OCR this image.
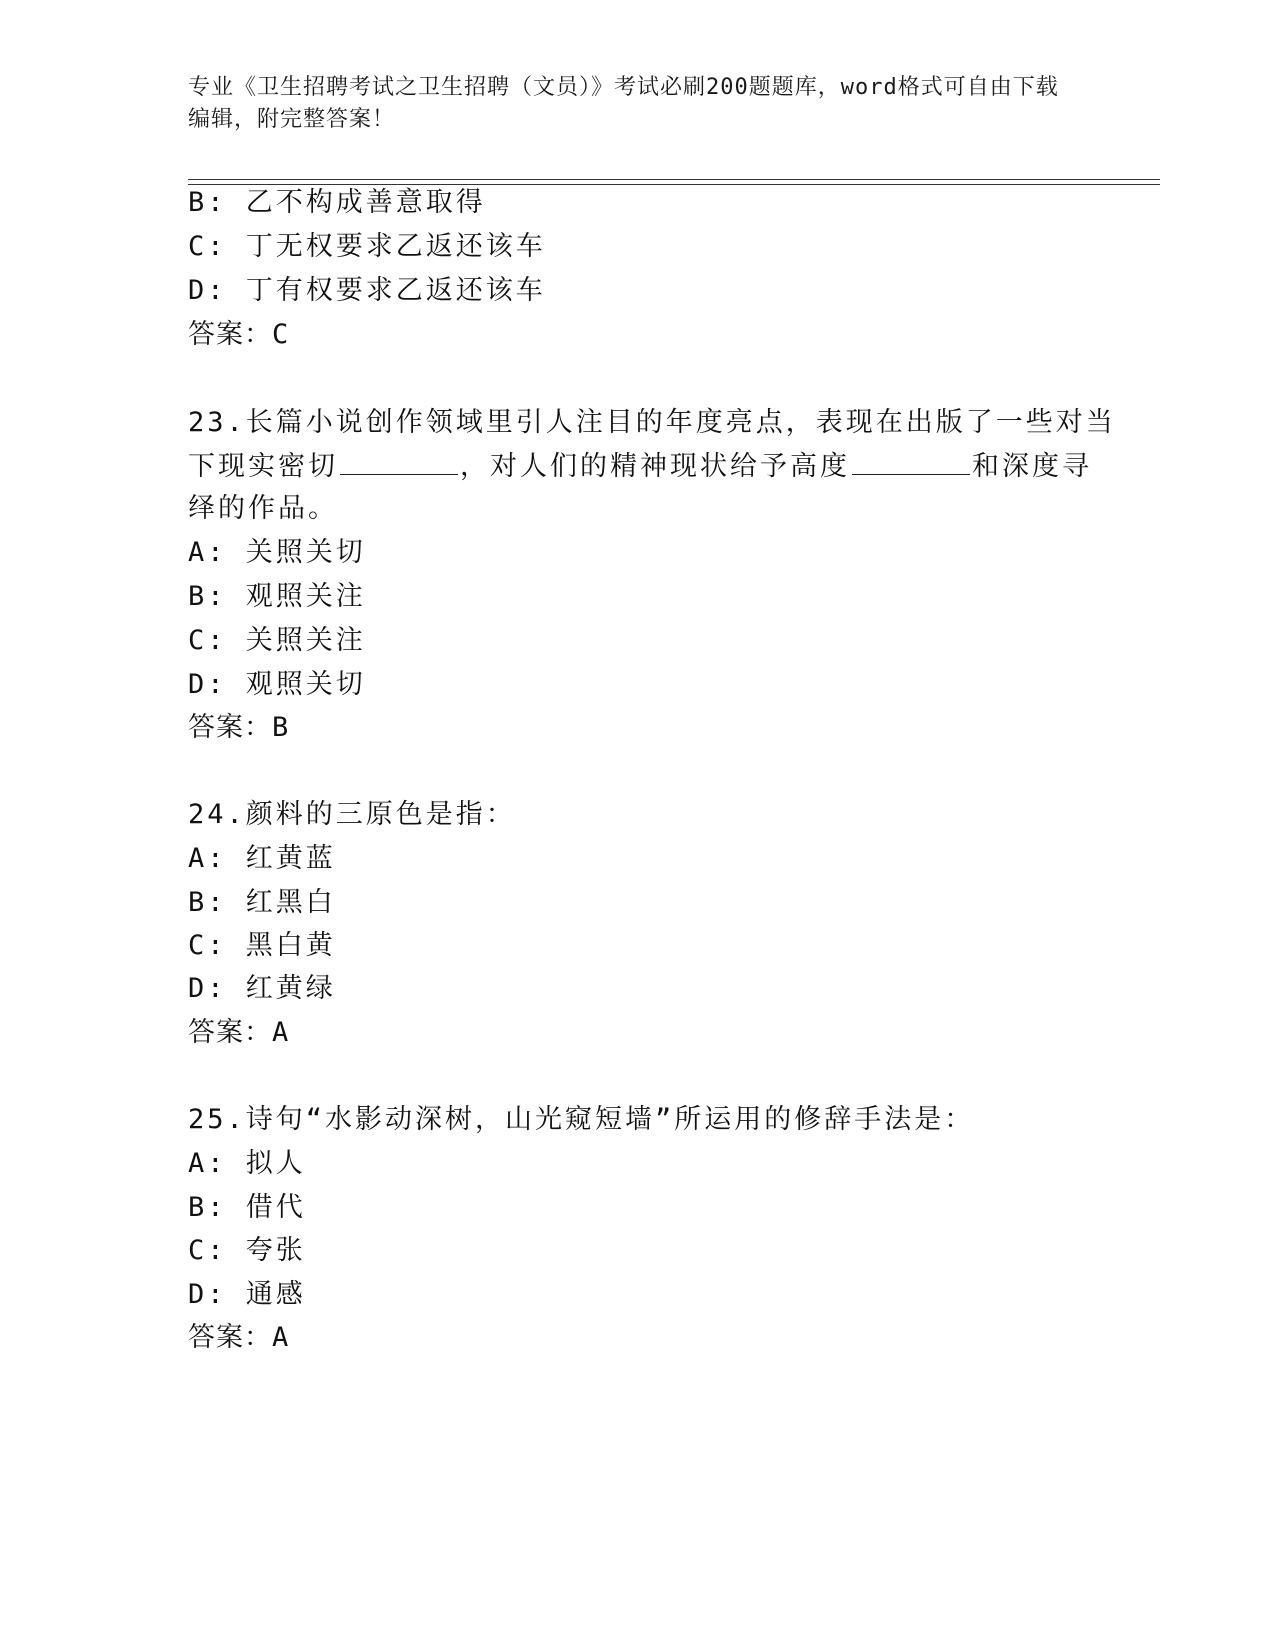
专业《卫生招聘考试之卫生招聘（文员）》考试必刷200题题库，word格式可自由下载编辑，附完整答案！
B: 乙不构成善意取得
C: 丁无权要求乙返还该车
D: 丁有权要求乙返还该车
答案：C
23.长篇小说创作领域里引人注目的年度亮点，表现在出版了一些对当
下现实密切	，对人们的精神现状给予高度	和深度寻
绎的作品。
A: 关照关切
B: 观照关注
C: 关照关注
D: 观照关切
答案：B
24.颜料的三原色是指：
A: 红黄蓝
B: 红黑白
C: 黑白黄
D: 红黄绿
答案：A
25.诗句“水影动深树，山光窥短墙”所运用的修辞手法是：
A: 拟人
B: 借代
C: 夸张
D: 通感
答案：A
